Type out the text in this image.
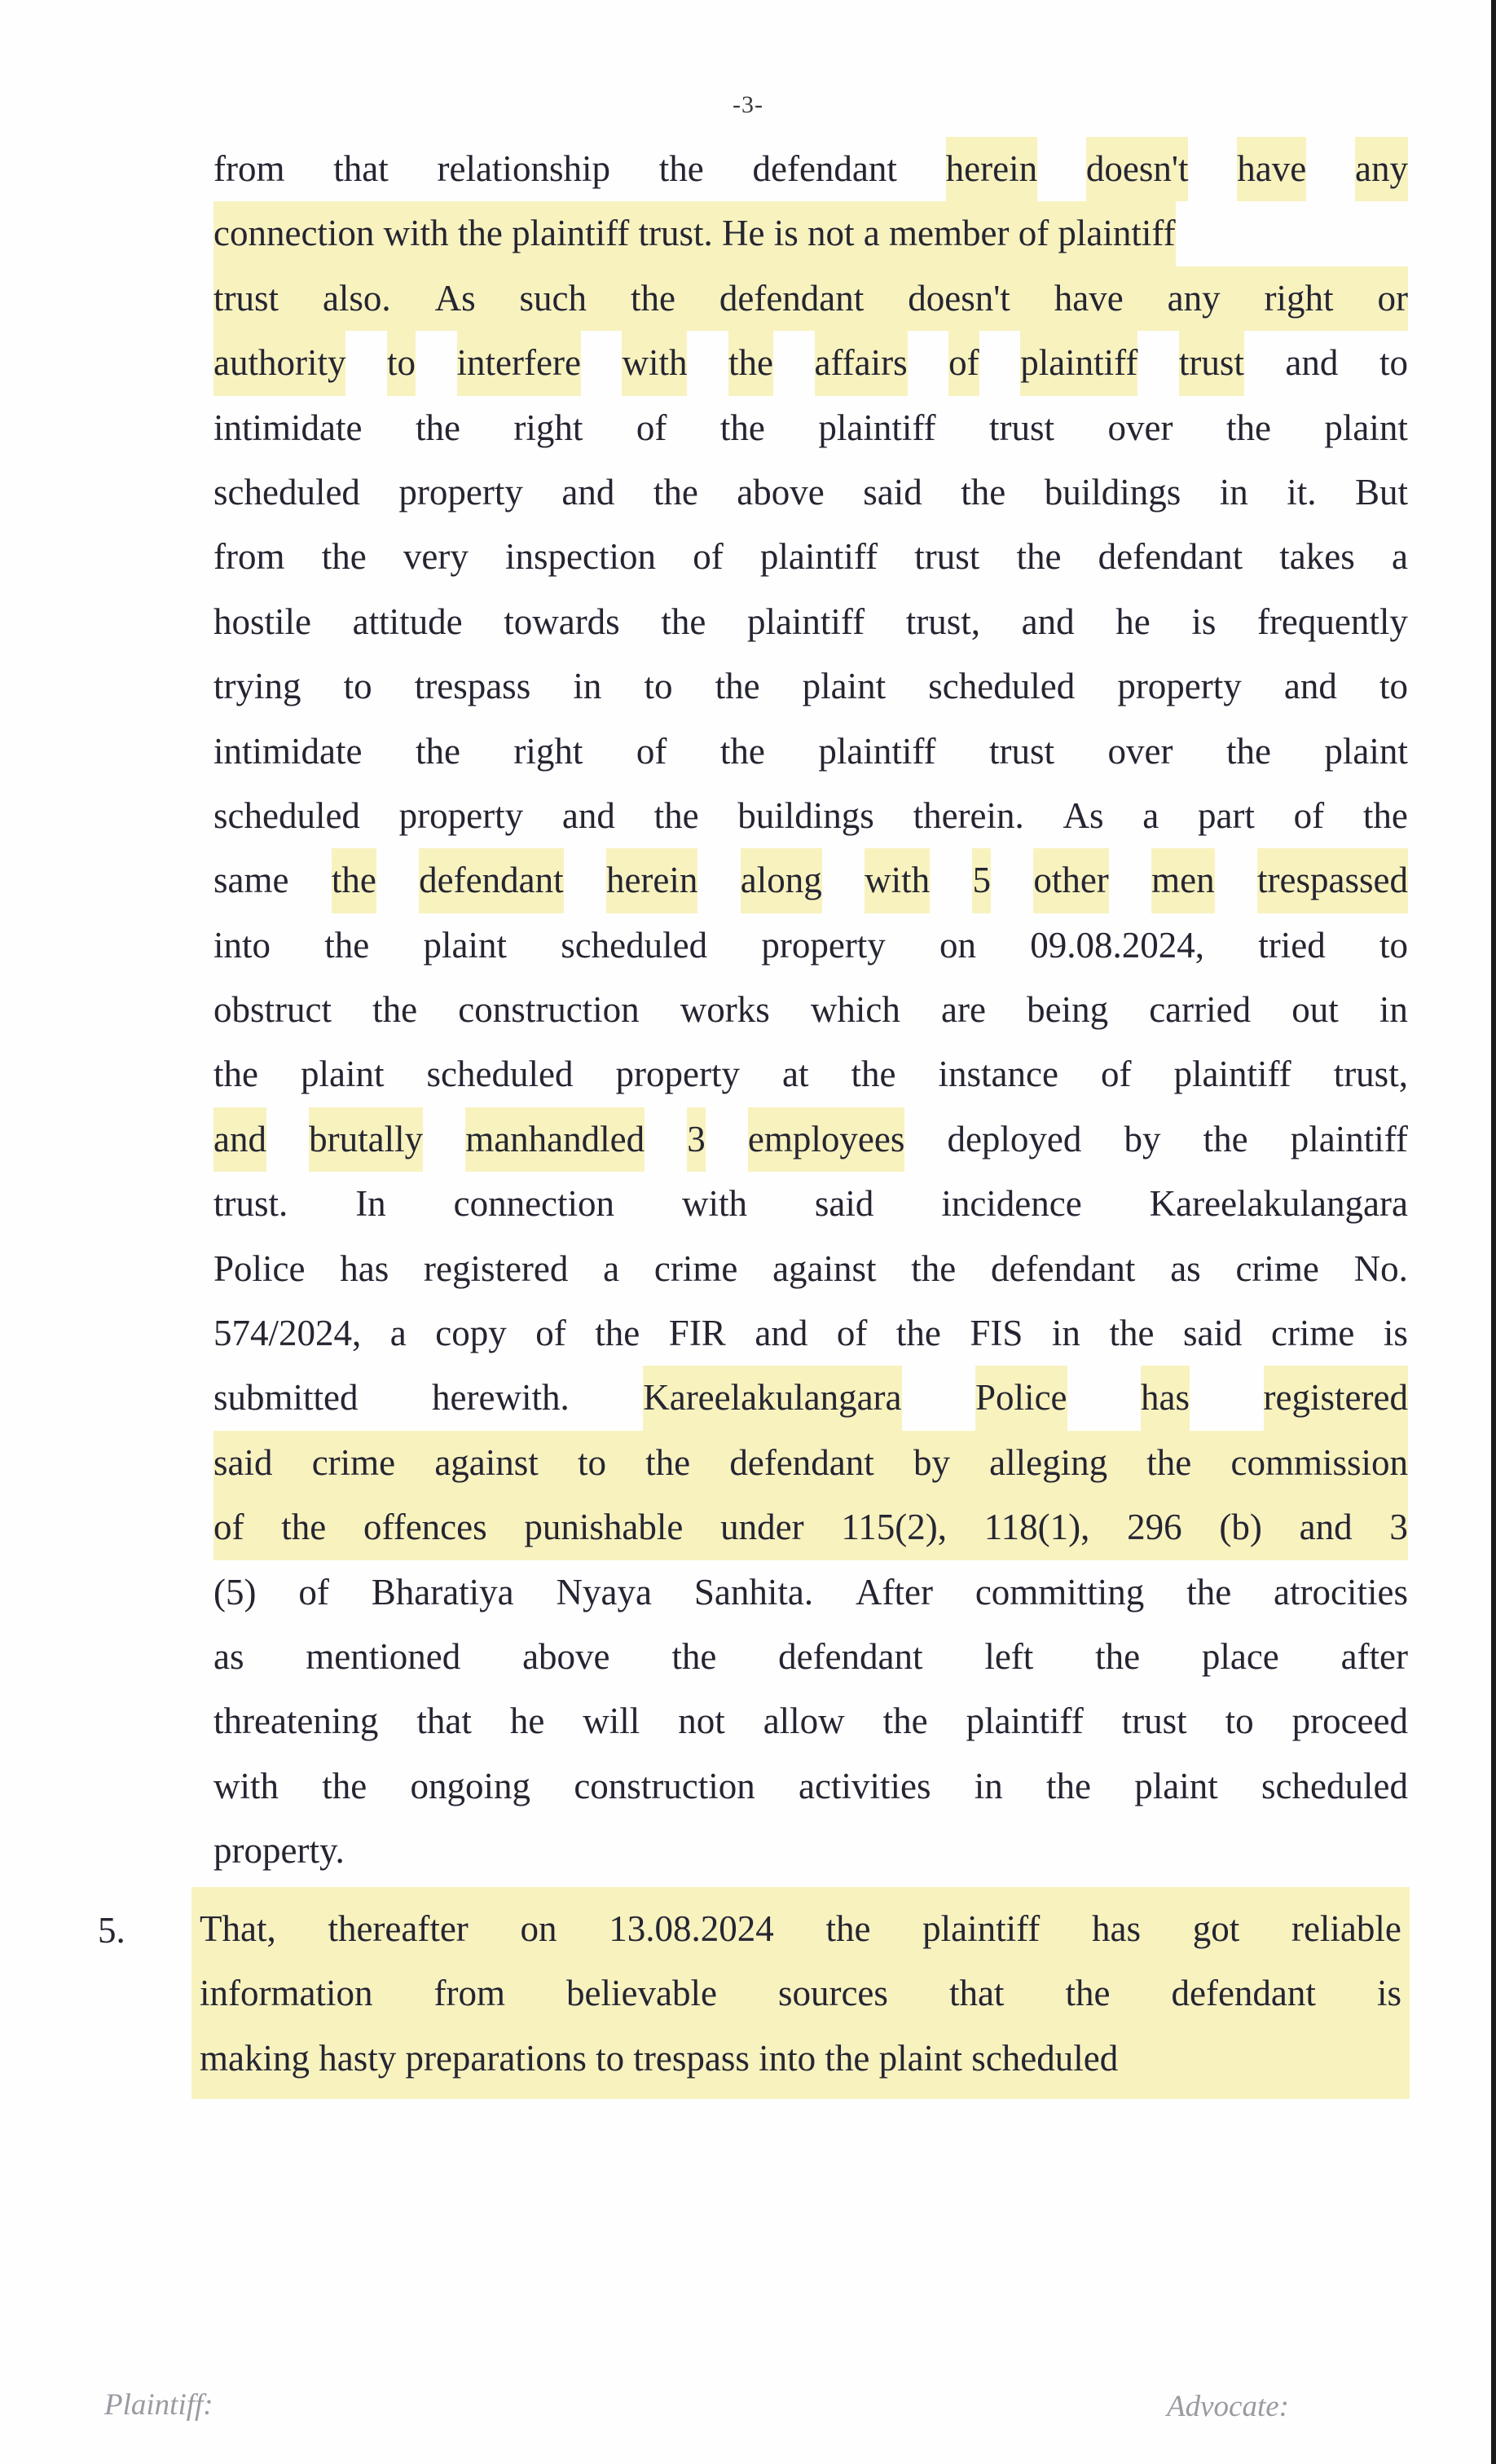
-3-
from that relationship the defendant herein doesn't have any
connection with the plaintiff trust. He is not a member of plaintiff
trust also. As such the defendant doesn't have any right or
authority to interfere with the affairs of plaintiff trust and to
intimidate the right of the plaintiff trust over the plaint
scheduled property and the above said the buildings in it. But
from the very inspection of plaintiff trust the defendant takes a
hostile attitude towards the plaintiff trust, and he is frequently
trying to trespass in to the plaint scheduled property and to
intimidate the right of the plaintiff trust over the plaint
scheduled property and the buildings therein. As a part of the
same the defendant herein along with 5 other men trespassed
into the plaint scheduled property on 09.08.2024, tried to
obstruct the construction works which are being carried out in
the plaint scheduled property at the instance of plaintiff trust,
and brutally manhandled 3 employees deployed by the plaintiff
trust. In connection with said incidence Kareelakulangara
Police has registered a crime against the defendant as crime No.
574/2024, a copy of the FIR and of the FIS in the said crime is
submitted herewith. Kareelakulangara Police has registered
said crime against to the defendant by alleging the commission
of the offences punishable under 115(2), 118(1), 296 (b) and 3
(5) of Bharatiya Nyaya Sanhita. After committing the atrocities
as mentioned above the defendant left the place after
threatening that he will not allow the plaintiff trust to proceed
with the ongoing construction activities in the plaint scheduled
property.
5.	That, thereafter on 13.08.2024 the plaintiff has got reliable
information from believable sources that the defendant is
making hasty preparations to trespass into the plaint scheduled
Plaintiff:	Advocate:
